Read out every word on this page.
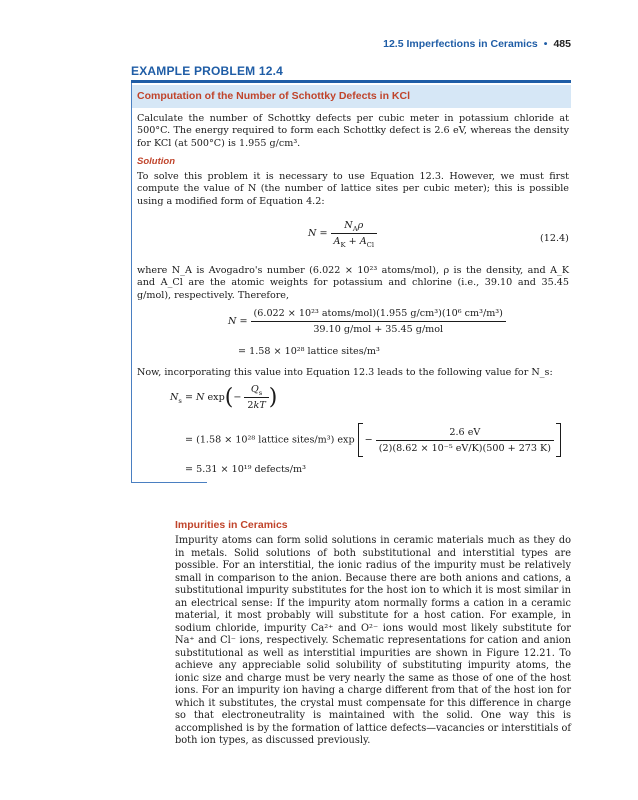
12.5 Imperfections in Ceramics • 485
EXAMPLE PROBLEM 12.4
Computation of the Number of Schottky Defects in KCl
Calculate the number of Schottky defects per cubic meter in potassium chloride at 500°C. The energy required to form each Schottky defect is 2.6 eV, whereas the density for KCl (at 500°C) is 1.955 g/cm³.
Solution
To solve this problem it is necessary to use Equation 12.3. However, we must first compute the value of N (the number of lattice sites per cubic meter); this is possible using a modified form of Equation 4.2:
$N = \frac{N_A\rho}{A_K + A_{Cl}}$	(12.4)
where N_A is Avogadro's number (6.022 × 10²³ atoms/mol), ρ is the density, and A_K and A_Cl are the atomic weights for potassium and chlorine (i.e., 39.10 and 35.45 g/mol), respectively. Therefore,
$N = \frac{\text{(6.022 × 10²³ atoms/mol)(1.955 g/cm³)(10⁶ cm³/m³)}}{\text{39.10 g/mol + 35.45 g/mol}}$
= 1.58 × 10²⁸ lattice sites/m³
Now, incorporating this value into Equation 12.3 leads to the following value for N_s:
$N_s = N$ $\exp(- \frac{Q_s}{2kT}$ )
= (1.58 × 10²⁸ lattice sites/m³) $\exp - \frac{2.6 eV}{\text{(2)(8.62 × 10⁻⁵ eV/K)(500 + 273 K)}}$
= 5.31 × 10¹⁹ defects/m³
Impurities in Ceramics
Impurity atoms can form solid solutions in ceramic materials much as they do in metals. Solid solutions of both substitutional and interstitial types are possible. For an interstitial, the ionic radius of the impurity must be relatively small in comparison to the anion. Because there are both anions and cations, a substitutional impurity substitutes for the host ion to which it is most similar in an electrical sense: If the impurity atom normally forms a cation in a ceramic material, it most probably will substitute for a host cation. For example, in sodium chloride, impurity Ca²⁺ and O²⁻ ions would most likely substitute for Na⁺ and Cl⁻ ions, respectively. Schematic representations for cation and anion substitutional as well as interstitial impurities are shown in Figure 12.21. To achieve any appreciable solid solubility of substituting impurity atoms, the ionic size and charge must be very nearly the same as those of one of the host ions. For an impurity ion having a charge different from that of the host ion for which it substitutes, the crystal must compensate for this difference in charge so that electroneutrality is maintained with the solid. One way this is accomplished is by the formation of lattice defects—vacancies or interstitials of both ion types, as discussed previously.
